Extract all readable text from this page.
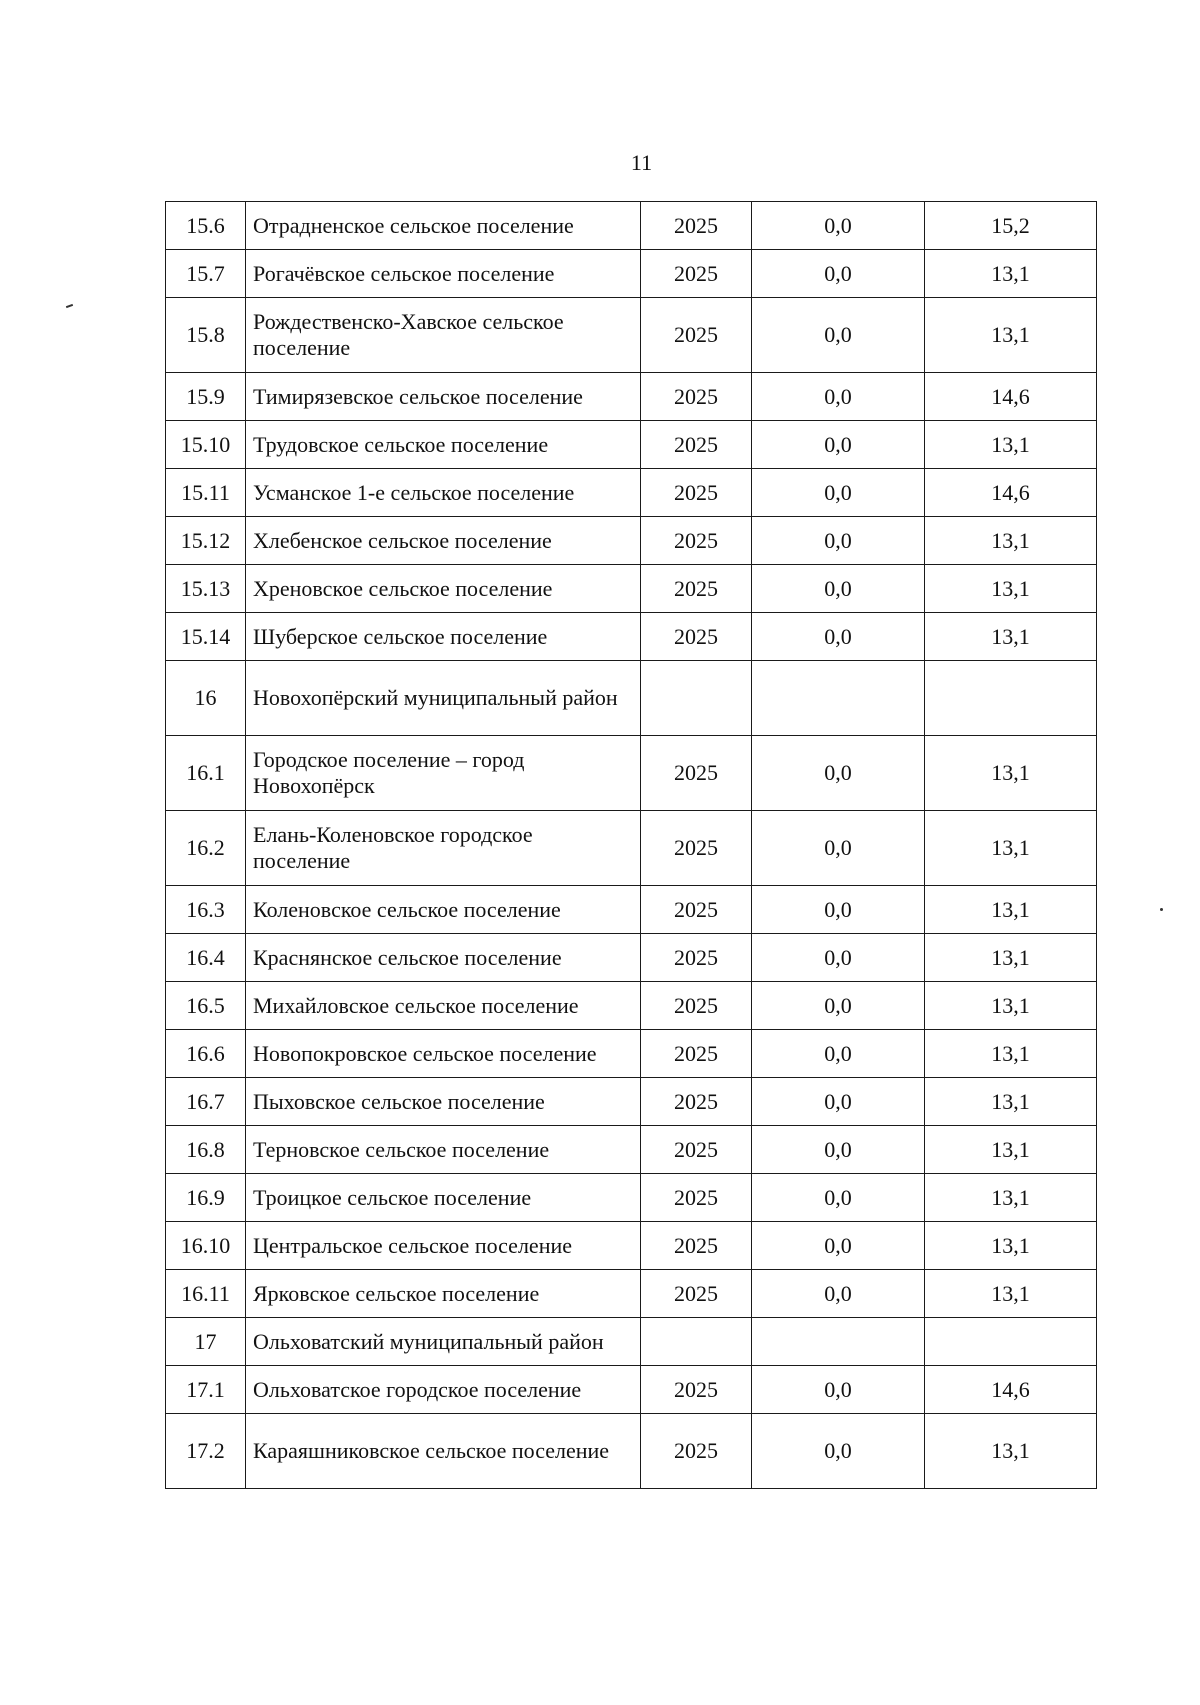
11
15.6	Отрадненское сельское поселение	2025	0,0	15,2
15.7	Рогачёвское сельское поселение	2025	0,0	13,1
15.8	Рождественско-Хавское сельское поселение	2025	0,0	13,1
15.9	Тимирязевское сельское поселение	2025	0,0	14,6
15.10	Трудовское сельское поселение	2025	0,0	13,1
15.11	Усманское 1-е сельское поселение	2025	0,0	14,6
15.12	Хлебенское сельское поселение	2025	0,0	13,1
15.13	Хреновское сельское поселение	2025	0,0	13,1
15.14	Шуберское сельское поселение	2025	0,0	13,1
16	Новохопёрский муниципальный район			
16.1	Городское поселение – город Новохопёрск	2025	0,0	13,1
16.2	Елань-Коленовское городское поселение	2025	0,0	13,1
16.3	Коленовское сельское поселение	2025	0,0	13,1
16.4	Краснянское сельское поселение	2025	0,0	13,1
16.5	Михайловское сельское поселение	2025	0,0	13,1
16.6	Новопокровское сельское поселение	2025	0,0	13,1
16.7	Пыховское сельское поселение	2025	0,0	13,1
16.8	Терновское сельское поселение	2025	0,0	13,1
16.9	Троицкое сельское поселение	2025	0,0	13,1
16.10	Центральское сельское поселение	2025	0,0	13,1
16.11	Ярковское сельское поселение	2025	0,0	13,1
17	Ольховатский муниципальный район			
17.1	Ольховатское городское поселение	2025	0,0	14,6
17.2	Караяшниковское сельское поселение	2025	0,0	13,1
